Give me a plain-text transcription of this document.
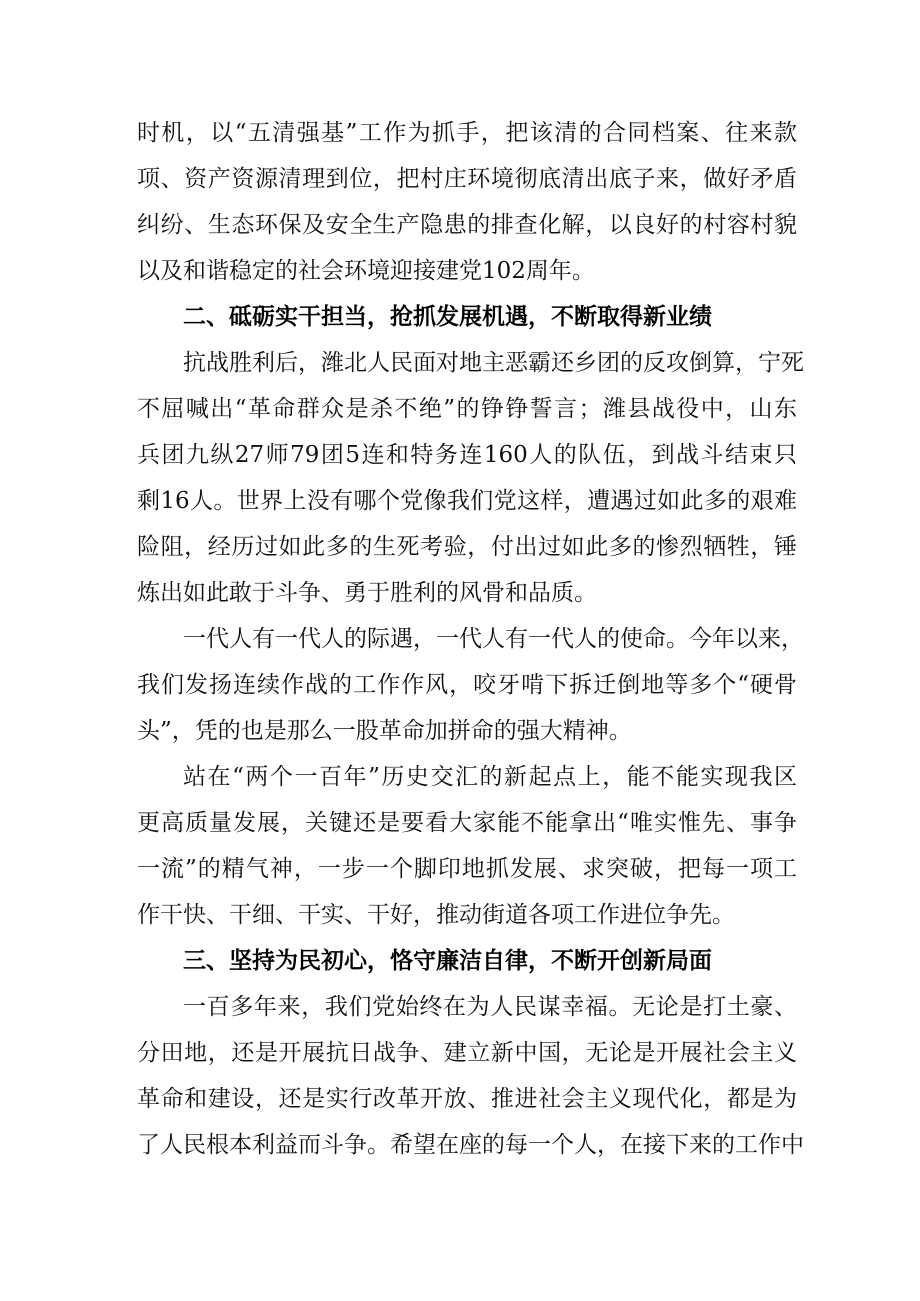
时机，以“五清强基”工作为抓手，把该清的合同档案、往来款
项、资产资源清理到位，把村庄环境彻底清出底子来，做好矛盾
纠纷、生态环保及安全生产隐患的排查化解，以良好的村容村貌
以及和谐稳定的社会环境迎接建党102周年。
二、砥砺实干担当，抢抓发展机遇，不断取得新业绩
抗战胜利后，潍北人民面对地主恶霸还乡团的反攻倒算，宁死
不屈喊出“革命群众是杀不绝”的铮铮誓言；潍县战役中，山东
兵团九纵27师79团5连和特务连160人的队伍，到战斗结束只
剩16人。世界上没有哪个党像我们党这样，遭遇过如此多的艰难
险阻，经历过如此多的生死考验，付出过如此多的惨烈牺牲，锤
炼出如此敢于斗争、勇于胜利的风骨和品质。
一代人有一代人的际遇，一代人有一代人的使命。今年以来，
我们发扬连续作战的工作作风，咬牙啃下拆迁倒地等多个“硬骨
头”，凭的也是那么一股革命加拼命的强大精神。
站在“两个一百年”历史交汇的新起点上，能不能实现我区
更高质量发展，关键还是要看大家能不能拿出“唯实惟先、事争
一流”的精气神，一步一个脚印地抓发展、求突破，把每一项工
作干快、干细、干实、干好，推动街道各项工作进位争先。
三、坚持为民初心，恪守廉洁自律，不断开创新局面
一百多年来，我们党始终在为人民谋幸福。无论是打土豪、
分田地，还是开展抗日战争、建立新中国，无论是开展社会主义
革命和建设，还是实行改革开放、推进社会主义现代化，都是为
了人民根本利益而斗争。希望在座的每一个人，在接下来的工作中
